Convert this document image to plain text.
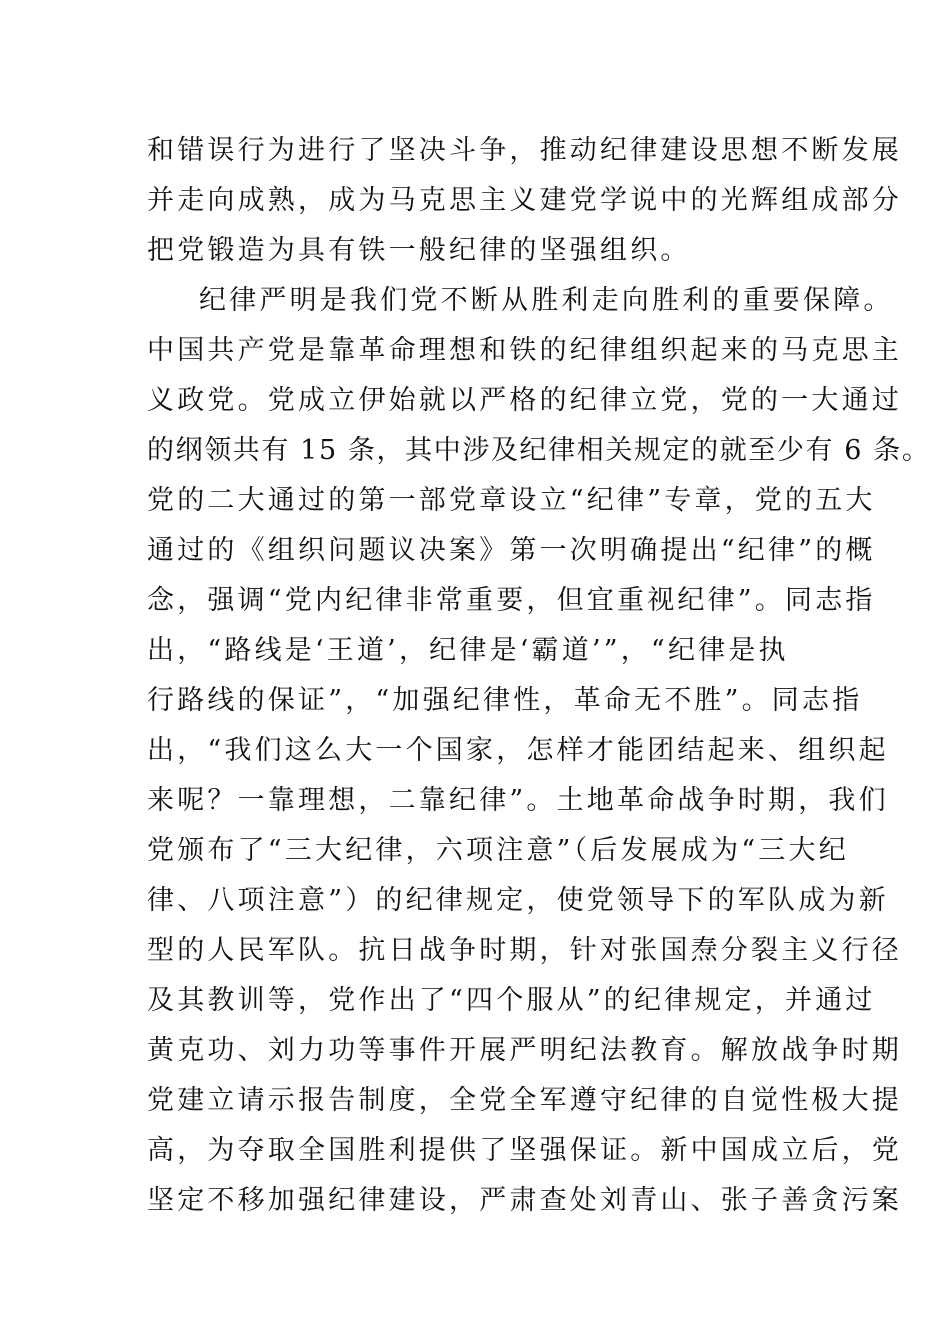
和错误行为进行了坚决斗争，推动纪律建设思想不断发展
并走向成熟，成为马克思主义建党学说中的光辉组成部分
把党锻造为具有铁一般纪律的坚强组织。
纪律严明是我们党不断从胜利走向胜利的重要保障。
中国共产党是靠革命理想和铁的纪律组织起来的马克思主
义政党。党成立伊始就以严格的纪律立党，党的一大通过
的纲领共有 15 条，其中涉及纪律相关规定的就至少有 6 条。
党的二大通过的第一部党章设立“纪律”专章，党的五大
通过的《组织问题议决案》第一次明确提出“纪律”的概
念，强调“党内纪律非常重要，但宜重视纪律”。同志指
出，“路线是‘王道’，纪律是‘霸道’”，“纪律是执
行路线的保证”，“加强纪律性，革命无不胜”。同志指
出，“我们这么大一个国家，怎样才能团结起来、组织起
来呢？一靠理想，二靠纪律”。土地革命战争时期，我们
党颁布了“三大纪律，六项注意”（后发展成为“三大纪
律、八项注意”）的纪律规定，使党领导下的军队成为新
型的人民军队。抗日战争时期，针对张国焘分裂主义行径
及其教训等，党作出了“四个服从”的纪律规定，并通过
黄克功、刘力功等事件开展严明纪法教育。解放战争时期
党建立请示报告制度，全党全军遵守纪律的自觉性极大提
高，为夺取全国胜利提供了坚强保证。新中国成立后，党
坚定不移加强纪律建设，严肃查处刘青山、张子善贪污案
